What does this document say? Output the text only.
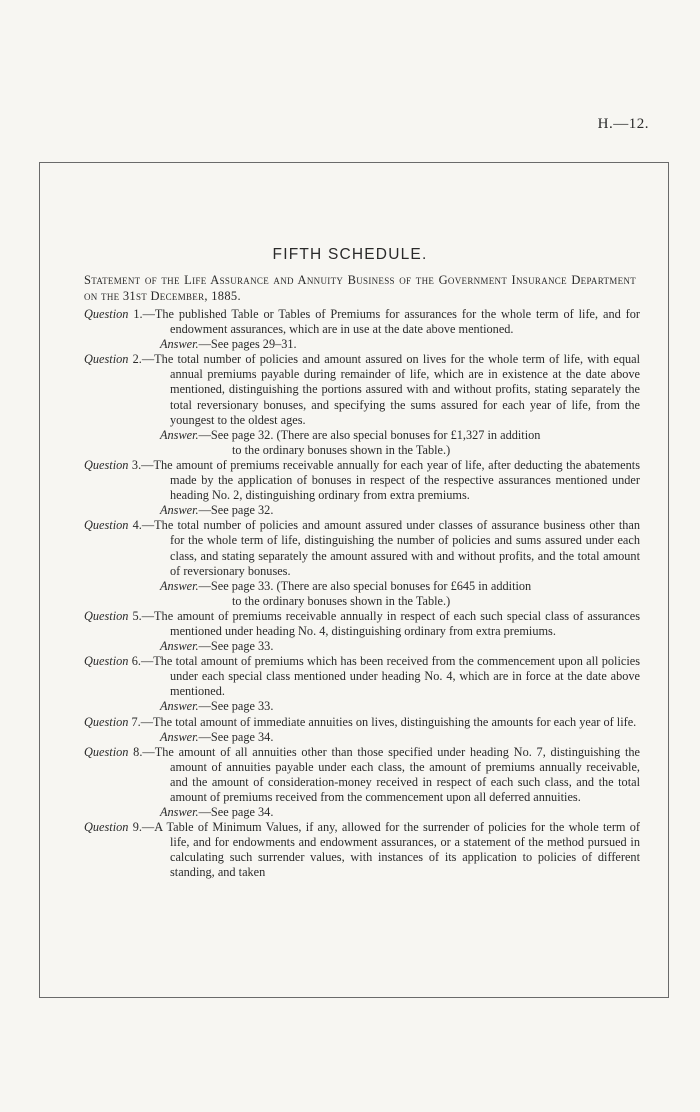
H.—12.
FIFTH SCHEDULE.
Statement of the Life Assurance and Annuity Business of the Government Insurance Department on the 31st December, 1885.
Question 1.—The published Table or Tables of Premiums for assurances for the whole term of life, and for endowment assurances, which are in use at the date above mentioned.
Answer.—See pages 29–31.
Question 2.—The total number of policies and amount assured on lives for the whole term of life, with equal annual premiums payable during remainder of life, which are in existence at the date above mentioned, distinguishing the portions assured with and without profits, stating separately the total reversionary bonuses, and specifying the sums assured for each year of life, from the youngest to the oldest ages.
Answer.—See page 32. (There are also special bonuses for £1,327 in addition
to the ordinary bonuses shown in the Table.)
Question 3.—The amount of premiums receivable annually for each year of life, after deducting the abatements made by the application of bonuses in respect of the respective assurances mentioned under heading No. 2, distinguishing ordinary from extra premiums.
Answer.—See page 32.
Question 4.—The total number of policies and amount assured under classes of assurance business other than for the whole term of life, distinguishing the number of policies and sums assured under each class, and stating separately the amount assured with and without profits, and the total amount of reversionary bonuses.
Answer.—See page 33. (There are also special bonuses for £645 in addition
to the ordinary bonuses shown in the Table.)
Question 5.—The amount of premiums receivable annually in respect of each such special class of assurances mentioned under heading No. 4, distinguishing ordinary from extra premiums.
Answer.—See page 33.
Question 6.—The total amount of premiums which has been received from the commencement upon all policies under each special class mentioned under heading No. 4, which are in force at the date above mentioned.
Answer.—See page 33.
Question 7.—The total amount of immediate annuities on lives, distinguishing the amounts for each year of life.
Answer.—See page 34.
Question 8.—The amount of all annuities other than those specified under heading No. 7, distinguishing the amount of annuities payable under each class, the amount of premiums annually receivable, and the amount of consideration-money received in respect of each such class, and the total amount of premiums received from the commencement upon all deferred annuities.
Answer.—See page 34.
Question 9.—A Table of Minimum Values, if any, allowed for the surrender of policies for the whole term of life, and for endowments and endowment assurances, or a statement of the method pursued in calculating such surrender values, with instances of its application to policies of different standing, and taken
